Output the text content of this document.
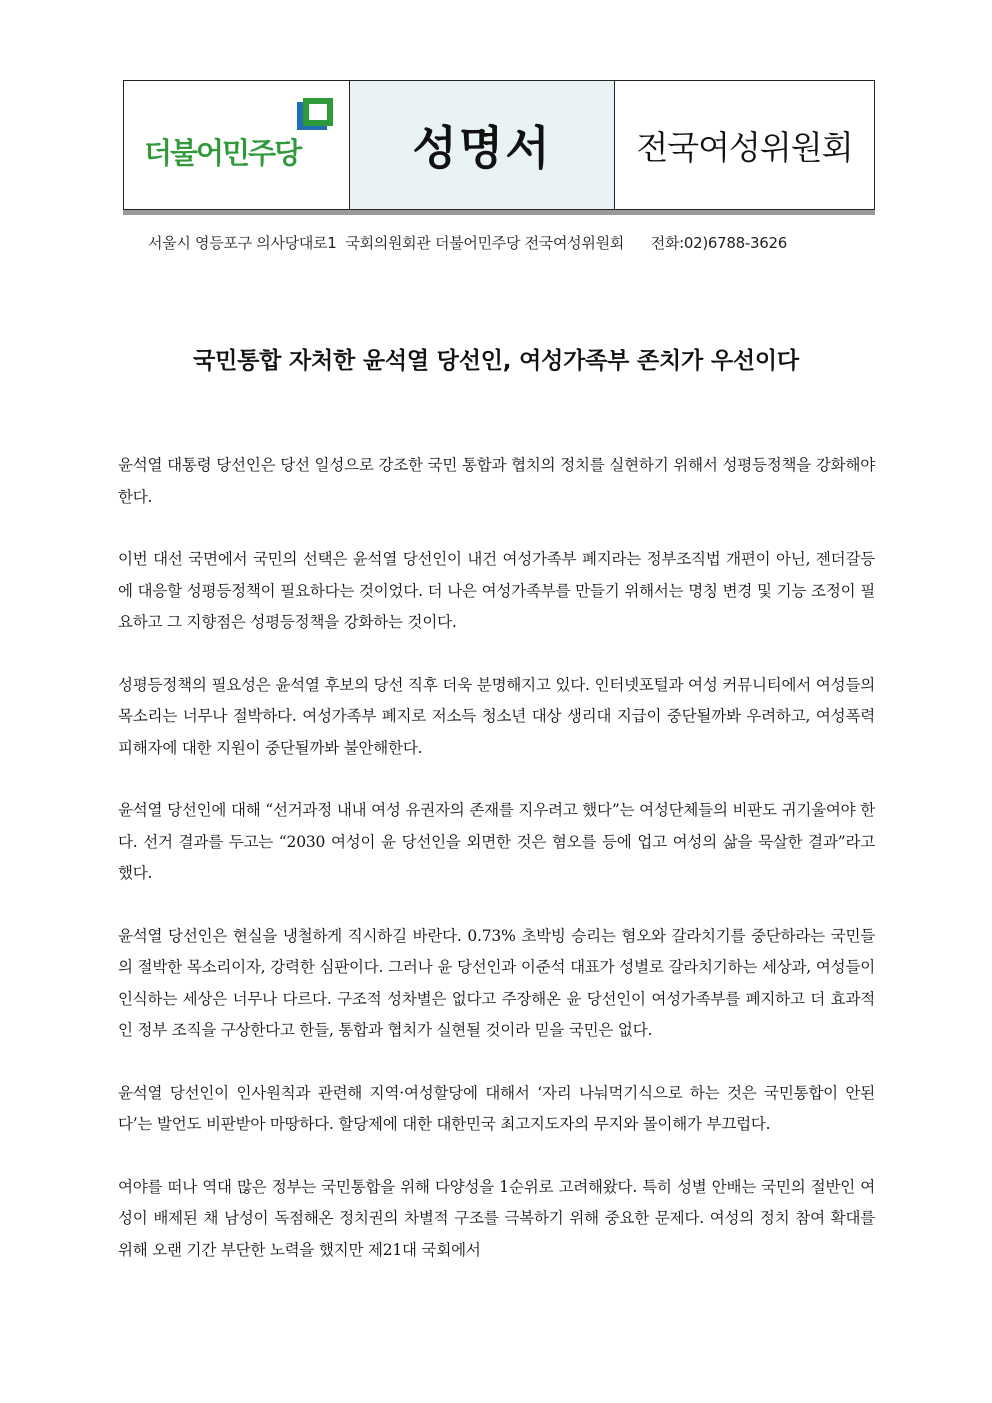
더불어민주당 성명서	전국여성위원회
서울시 영등포구 의사당대로1  국회의원회관 더불어민주당 전국여성위원회      전화:02)6788-3626
국민통합 자처한 윤석열 당선인, 여성가족부 존치가 우선이다

윤석열 대통령 당선인은 당선 일성으로 강조한 국민 통합과 협치의 정치를 실현하기 위해서 성평등정책을 강화해야 한다.

이번 대선 국면에서 국민의 선택은 윤석열 당선인이 내건 여성가족부 폐지라는 정부조직법 개편이 아닌, 젠더갈등에 대응할 성평등정책이 필요하다는 것이었다. 더 나은 여성가족부를 만들기 위해서는 명칭 변경 및 기능 조정이 필요하고 그 지향점은 성평등정책을 강화하는 것이다.

성평등정책의 필요성은 윤석열 후보의 당선 직후 더욱 분명해지고 있다. 인터넷포털과 여성 커뮤니티에서 여성들의 목소리는 너무나 절박하다. 여성가족부 폐지로 저소득 청소년 대상 생리대 지급이 중단될까봐 우려하고, 여성폭력 피해자에 대한 지원이 중단될까봐 불안해한다.

윤석열 당선인에 대해 “선거과정 내내 여성 유권자의 존재를 지우려고 했다”는 여성단체들의 비판도 귀기울여야 한다. 선거 결과를 두고는 “2030 여성이 윤 당선인을 외면한 것은 혐오를 등에 업고 여성의 삶을 묵살한 결과”라고 했다.

윤석열 당선인은 현실을 냉철하게 직시하길 바란다. 0.73% 초박빙 승리는 혐오와 갈라치기를 중단하라는 국민들의 절박한 목소리이자, 강력한 심판이다. 그러나 윤 당선인과 이준석 대표가 성별로 갈라치기하는 세상과, 여성들이 인식하는 세상은 너무나 다르다. 구조적 성차별은 없다고 주장해온 윤 당선인이 여성가족부를 폐지하고 더 효과적인 정부 조직을 구상한다고 한들, 통합과 협치가 실현될 것이라 믿을 국민은 없다.

윤석열 당선인이 인사원칙과 관련해 지역·여성할당에 대해서 ‘자리 나눠먹기식으로 하는 것은 국민통합이 안된다’는 발언도 비판받아 마땅하다. 할당제에 대한 대한민국 최고지도자의 무지와 몰이해가 부끄럽다.

여야를 떠나 역대 많은 정부는 국민통합을 위해 다양성을 1순위로 고려해왔다. 특히 성별 안배는 국민의 절반인 여성이 배제된 채 남성이 독점해온 정치권의 차별적 구조를 극복하기 위해 중요한 문제다. 여성의 정치 참여 확대를 위해 오랜 기간 부단한 노력을 했지만 제21대 국회에서
